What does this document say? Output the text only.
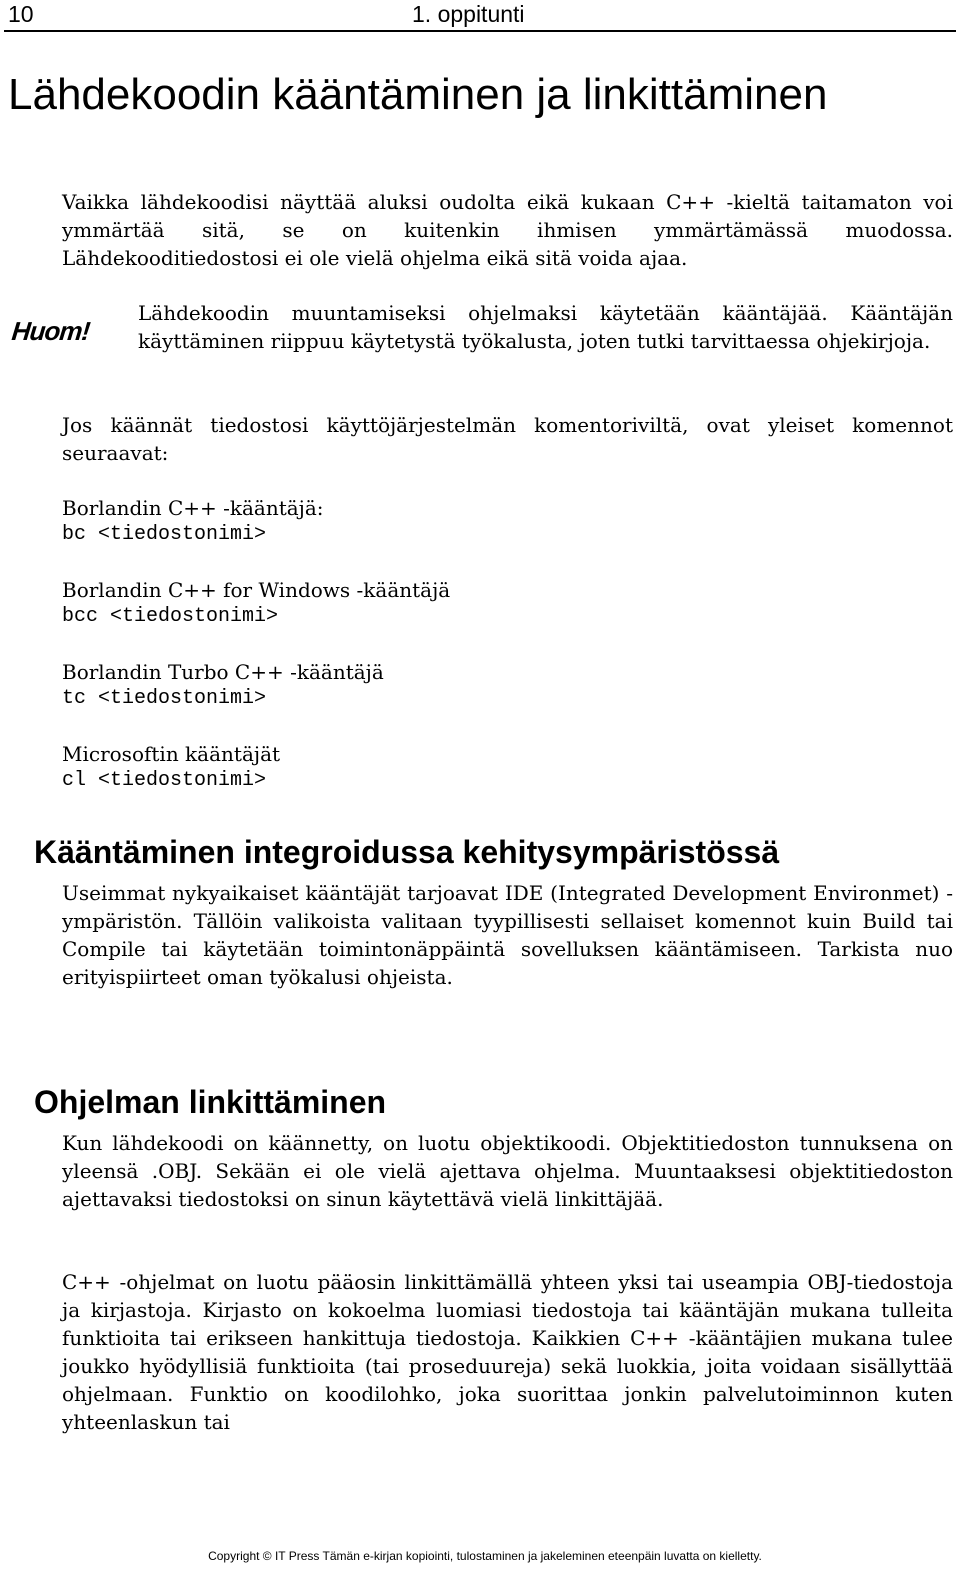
10	1. oppitunti
Lähdekoodin kääntäminen ja linkittäminen

Vaikka lähdekoodisi näyttää aluksi oudolta eikä kukaan C++ -kieltä taitamaton voi ymmärtää sitä, se on kuitenkin ihmisen ymmärtämässä muodossa. Lähdekooditiedostosi ei ole vielä ohjelma eikä sitä voida ajaa.

Huom!

Lähdekoodin muuntamiseksi ohjelmaksi käytetään kääntäjää. Kääntäjän käyttäminen riippuu käytetystä työkalusta, joten tutki tarvittaessa ohjekirjoja.

Jos käännät tiedostosi käyttöjärjestelmän komentoriviltä, ovat yleiset komennot seuraavat:

Borlandin C++ -kääntäjä:

bc <tiedostonimi>

Borlandin C++ for Windows -kääntäjä

bcc <tiedostonimi>

Borlandin Turbo C++ -kääntäjä

tc <tiedostonimi>

Microsoftin kääntäjät

cl <tiedostonimi>

Kääntäminen integroidussa kehitysympäristössä

Useimmat nykyaikaiset kääntäjät tarjoavat IDE (Integrated Development Environmet) -ympäristön. Tällöin valikoista valitaan tyypillisesti sellaiset komennot kuin Build tai Compile tai käytetään toimintonäppäintä sovelluksen kääntämiseen. Tarkista nuo erityispiirteet oman työkalusi ohjeista.

Ohjelman linkittäminen

Kun lähdekoodi on käännetty, on luotu objektikoodi. Objektitiedoston tunnuksena on yleensä .OBJ. Sekään ei ole vielä ajettava ohjelma. Muuntaaksesi objektitiedoston ajettavaksi tiedostoksi on sinun käytettävä vielä linkittäjää.

C++ -ohjelmat on luotu pääosin linkittämällä yhteen yksi tai useampia OBJ-tiedostoja ja kirjastoja. Kirjasto on kokoelma luomiasi tiedostoja tai kääntäjän mukana tulleita funktioita tai erikseen hankittuja tiedostoja. Kaikkien C++ -kääntäjien mukana tulee joukko hyödyllisiä funktioita (tai proseduureja) sekä luokkia, joita voidaan sisällyttää ohjelmaan. Funktio on koodilohko, joka suorittaa jonkin palvelutoiminnon kuten yhteenlaskun tai

Copyright © IT Press Tämän e-kirjan kopiointi, tulostaminen ja jakeleminen eteenpäin luvatta on kielletty.
